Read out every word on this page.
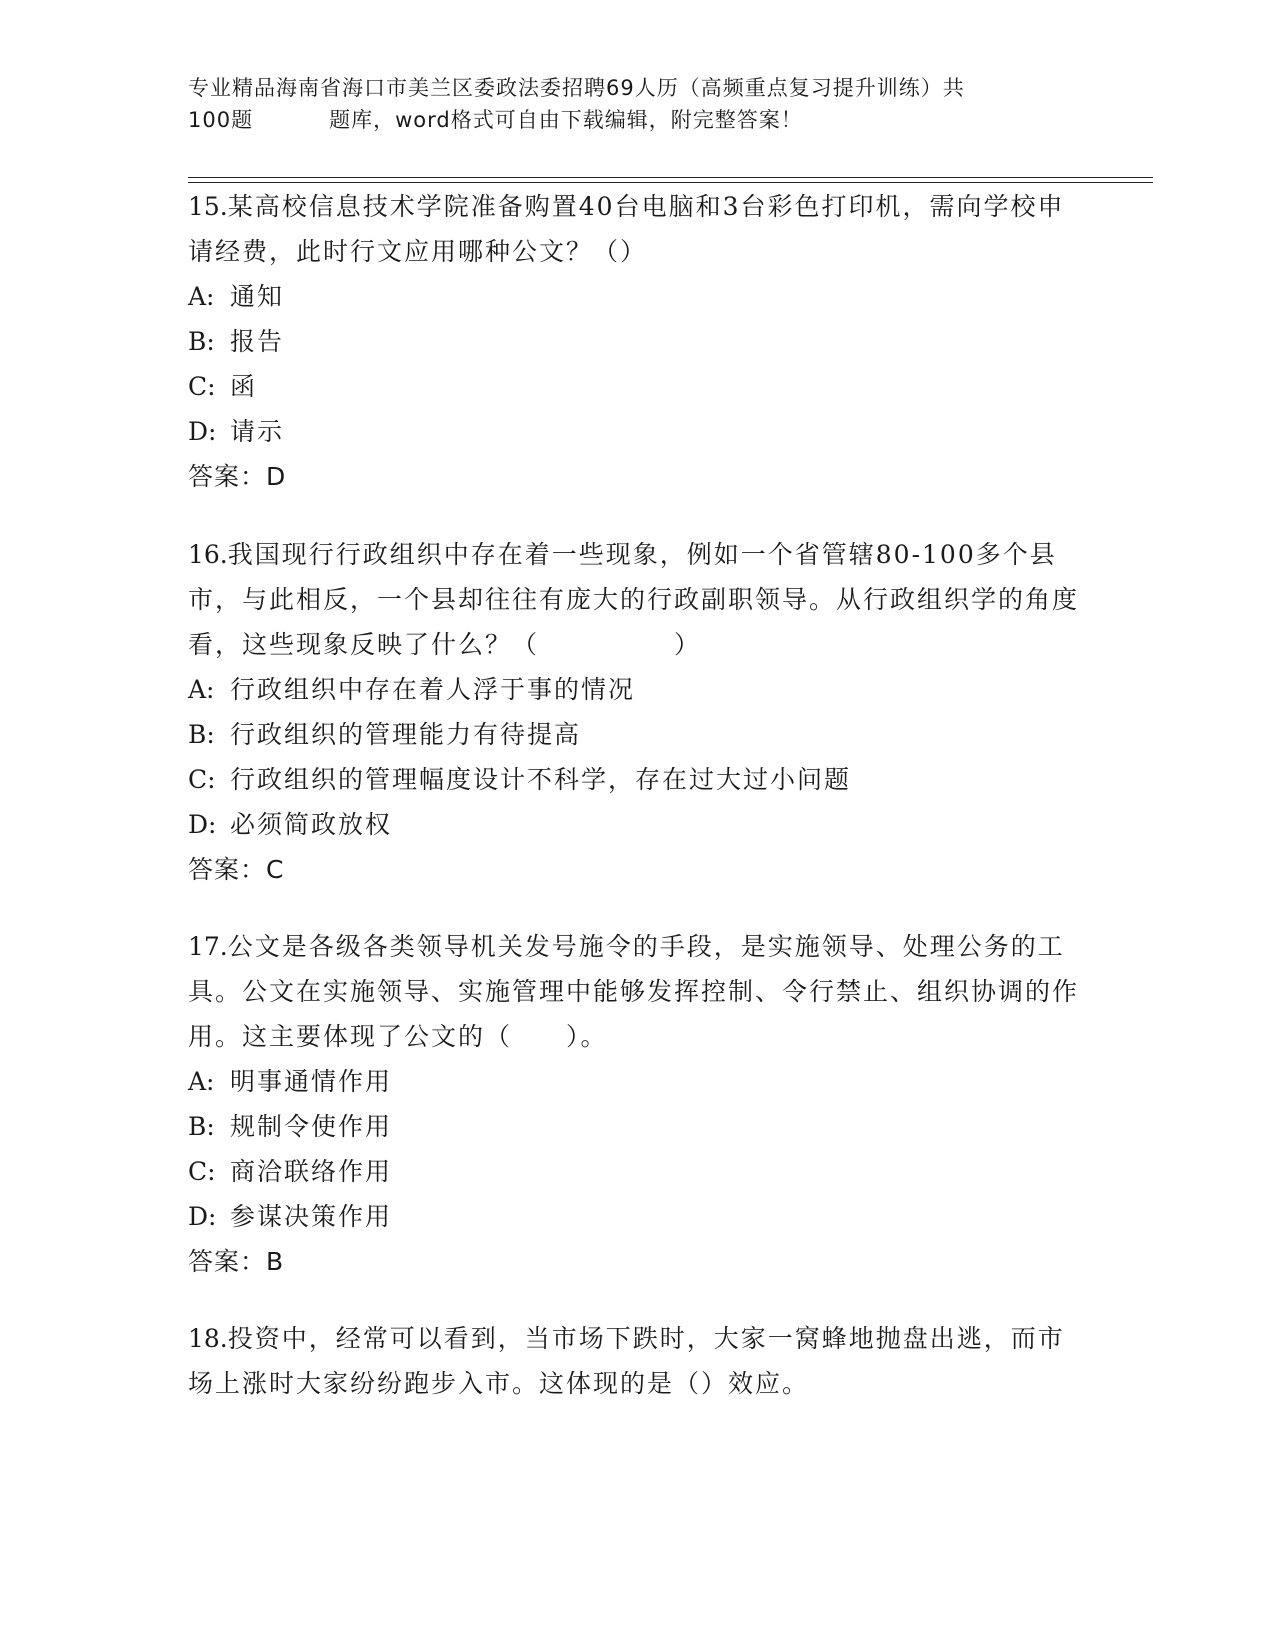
专业精品海南省海口市美兰区委政法委招聘69人历（高频重点复习提升训练）共
100题	题库，word格式可自由下载编辑，附完整答案！
15.某高校信息技术学院准备购置40台电脑和3台彩色打印机，需向学校申请经费，此时行文应用哪种公文？（）
A: 通知
B: 报告
C: 函
D: 请示
答案：D
16.我国现行行政组织中存在着一些现象，例如一个省管辖80-100多个县市，与此相反，一个县却往往有庞大的行政副职领导。从行政组织学的角度看，这些现象反映了什么？（　　　　　）
A: 行政组织中存在着人浮于事的情况
B: 行政组织的管理能力有待提高
C: 行政组织的管理幅度设计不科学，存在过大过小问题
D: 必须简政放权
答案：C
17.公文是各级各类领导机关发号施令的手段，是实施领导、处理公务的工具。公文在实施领导、实施管理中能够发挥控制、令行禁止、组织协调的作用。这主要体现了公文的（　　）。
A: 明事通情作用
B: 规制令使作用
C: 商洽联络作用
D: 参谋决策作用
答案：B
18.投资中，经常可以看到，当市场下跌时，大家一窝蜂地抛盘出逃，而市场上涨时大家纷纷跑步入市。这体现的是（）效应。
